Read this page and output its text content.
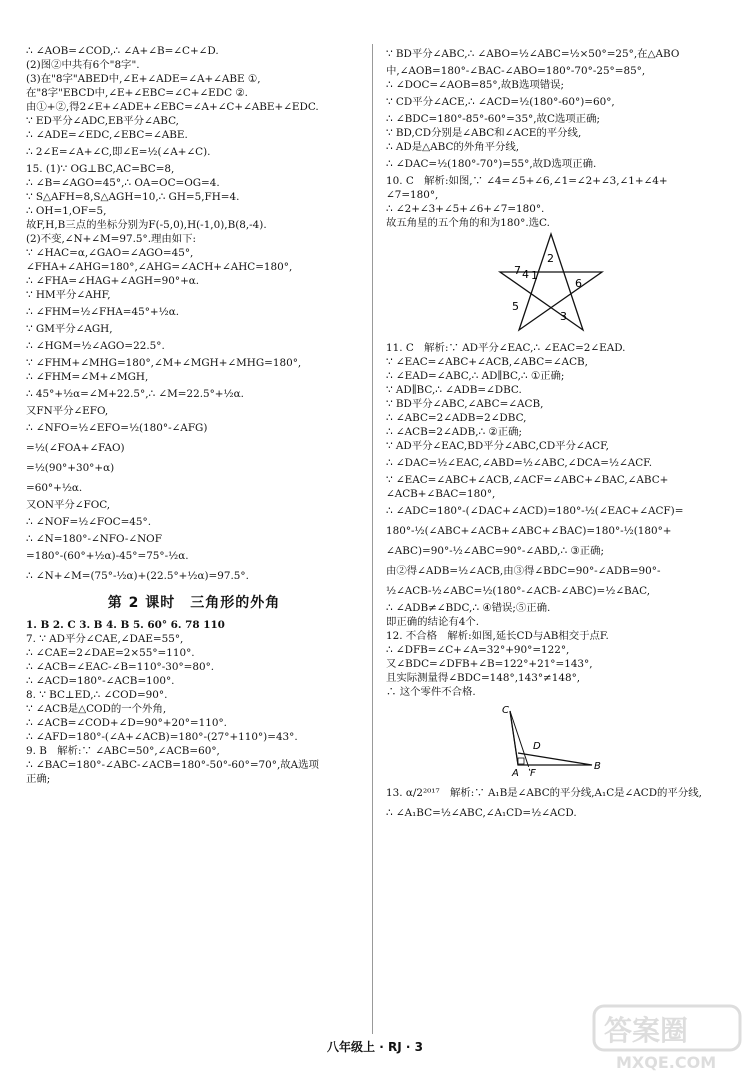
∴ ∠AOB=∠COD,∴ ∠A+∠B=∠C+∠D.
(2)图②中共有6个"8字".
(3)在"8字"ABED中,∠E+∠ADE=∠A+∠ABE ①,
在"8字"EBCD中,∠E+∠EBC=∠C+∠EDC ②.
由①+②,得2∠E+∠ADE+∠EBC=∠A+∠C+∠ABE+∠EDC.
∵ ED平分∠ADC,EB平分∠ABC,
∴ ∠ADE=∠EDC,∠EBC=∠ABE.
∴ 2∠E=∠A+∠C,即∠E=½(∠A+∠C).
15. (1)∵ OG⊥BC,AC=BC=8,
∴ ∠B=∠AGO=45°,∴ OA=OC=OG=4.
∵ S△AFH=8,S△AGH=10,∴ GH=5,FH=4.
∴ OH=1,OF=5,
故F,H,B三点的坐标分别为F(-5,0),H(-1,0),B(8,-4).
(2)不变,∠N+∠M=97.5°.理由如下:
∵ ∠HAC=α,∠GAO=∠AGO=45°,
∠FHA+∠AHG=180°,∠AHG=∠ACH+∠AHC=180°,
∴ ∠FHA=∠HAG+∠AGH=90°+α.
∵ HM平分∠AHF,
∴ ∠FHM=½∠FHA=45°+½α.
∵ GM平分∠AGH,
∴ ∠HGM=½∠AGO=22.5°.
∵ ∠FHM+∠MHG=180°,∠M+∠MGH+∠MHG=180°,
∴ ∠FHM=∠M+∠MGH,
∴ 45°+½α=∠M+22.5°,∴ ∠M=22.5°+½α.
又FN平分∠EFO,
∴ ∠NFO=½∠EFO=½(180°-∠AFG)
=½(∠FOA+∠FAO)
=½(90°+30°+α)
=60°+½α.
又ON平分∠FOC,
∴ ∠NOF=½∠FOC=45°.
∴ ∠N=180°-∠NFO-∠NOF
=180°-(60°+½α)-45°=75°-½α.
∴ ∠N+∠M=(75°-½α)+(22.5°+½α)=97.5°.
第 2 课时　三角形的外角
1. B 2. C 3. B 4. B 5. 60° 6. 78 110
7. ∵ AD平分∠CAE,∠DAE=55°,
∴ ∠CAE=2∠DAE=2×55°=110°.
∴ ∠ACB=∠EAC-∠B=110°-30°=80°.
∴ ∠ACD=180°-∠ACB=100°.
8. ∵ BC⊥ED,∴ ∠COD=90°.
∵ ∠ACB是△COD的一个外角,
∴ ∠ACB=∠COD+∠D=90°+20°=110°.
∴ ∠AFD=180°-(∠A+∠ACB)=180°-(27°+110°)=43°.
9. B　解析:∵ ∠ABC=50°,∠ACB=60°,
∴ ∠BAC=180°-∠ABC-∠ACB=180°-50°-60°=70°,故A选项
正确;
∵ BD平分∠ABC,∴ ∠ABO=½∠ABC=½×50°=25°,在△ABO
中,∠AOB=180°-∠BAC-∠ABO=180°-70°-25°=85°,
∴ ∠DOC=∠AOB=85°,故B选项错误;
∵ CD平分∠ACE,∴ ∠ACD=½(180°-60°)=60°,
∴ ∠BDC=180°-85°-60°=35°,故C选项正确;
∵ BD,CD分别是∠ABC和∠ACE的平分线,
∴ AD是△ABC的外角平分线,
∴ ∠DAC=½(180°-70°)=55°,故D选项正确.
10. C　解析:如图,∵ ∠4=∠5+∠6,∠1=∠2+∠3,∠1+∠4+
∠7=180°,
∴ ∠2+∠3+∠5+∠6+∠7=180°.
故五角星的五个角的和为180°.选C.
2
1
4
7
6
5
3
11. C　解析:∵ AD平分∠EAC,∴ ∠EAC=2∠EAD.
∵ ∠EAC=∠ABC+∠ACB,∠ABC=∠ACB,
∴ ∠EAD=∠ABC,∴ AD∥BC,∴ ①正确;
∵ AD∥BC,∴ ∠ADB=∠DBC.
∵ BD平分∠ABC,∠ABC=∠ACB,
∴ ∠ABC=2∠ADB=2∠DBC,
∴ ∠ACB=2∠ADB,∴ ②正确;
∵ AD平分∠EAC,BD平分∠ABC,CD平分∠ACF,
∴ ∠DAC=½∠EAC,∠ABD=½∠ABC,∠DCA=½∠ACF.
∵ ∠EAC=∠ABC+∠ACB,∠ACF=∠ABC+∠BAC,∠ABC+
∠ACB+∠BAC=180°,
∴ ∠ADC=180°-(∠DAC+∠ACD)=180°-½(∠EAC+∠ACF)=
180°-½(∠ABC+∠ACB+∠ABC+∠BAC)=180°-½(180°+
∠ABC)=90°-½∠ABC=90°-∠ABD,∴ ③正确;
由②得∠ADB=½∠ACB,由③得∠BDC=90°-∠ADB=90°-
½∠ACB-½∠ABC=½(180°-∠ACB-∠ABC)=½∠BAC,
∴ ∠ADB≠∠BDC,∴ ④错误;⑤正确.
即正确的结论有4个.
12. 不合格　解析:如图,延长CD与AB相交于点F.
∴ ∠DFB=∠C+∠A=32°+90°=122°,
又∠BDC=∠DFB+∠B=122°+21°=143°,
且实际测量得∠BDC=148°,143°≠148°,
∴ 这个零件不合格.
C
D
A F
B
13. α/2²⁰¹⁷　解析:∵ A₁B是∠ABC的平分线,A₁C是∠ACD的平分线,
∴ ∠A₁BC=½∠ABC,∠A₁CD=½∠ACD.
八年级上 · RJ · 3	答案圈
MXQE.COM
